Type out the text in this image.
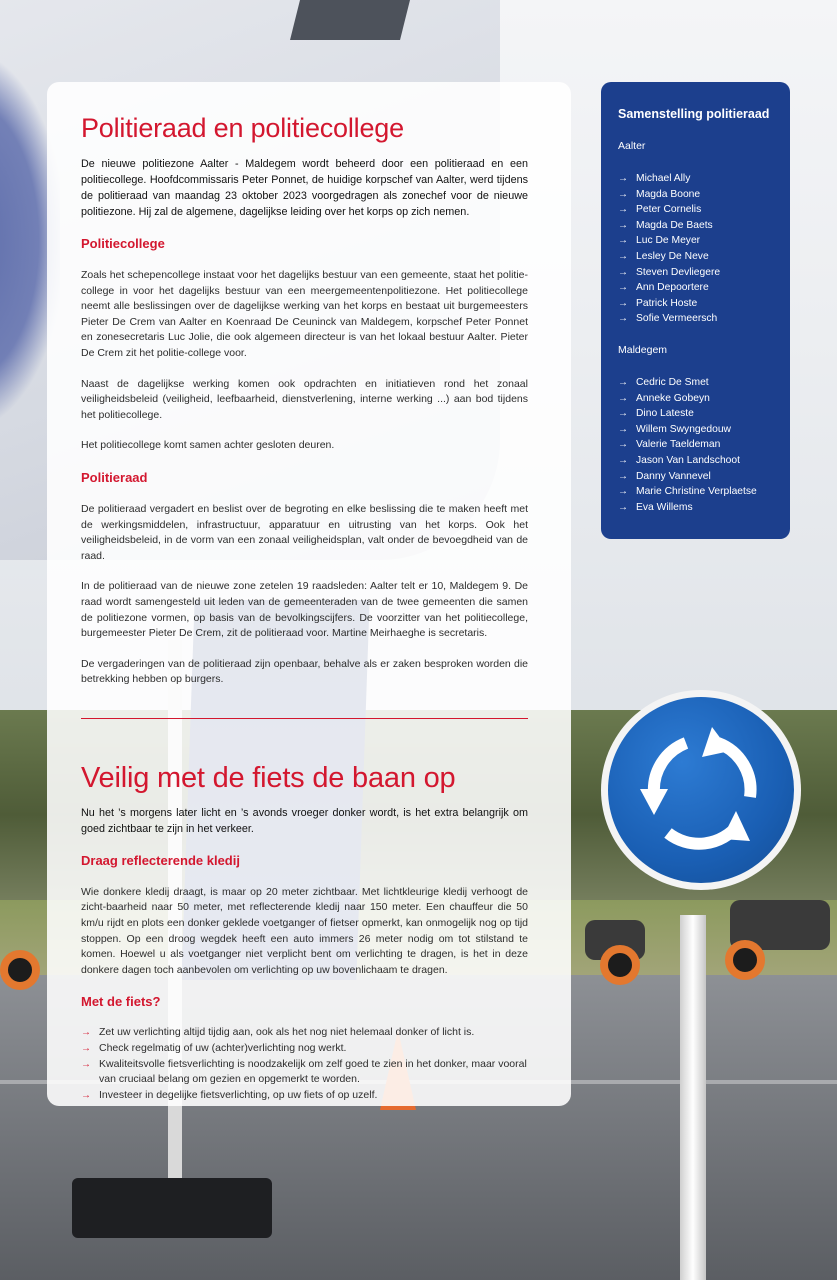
Politieraad en politiecollege

De nieuwe politiezone Aalter - Maldegem wordt beheerd door een politieraad en een politiecollege. Hoofdcommissaris Peter Ponnet, de huidige korpschef van Aalter, werd tijdens de politieraad van maandag 23 oktober 2023 voorgedragen als zonechef voor de nieuwe politiezone. Hij zal de algemene, dagelijkse leiding over het korps op zich nemen.

Politiecollege

Zoals het schepencollege instaat voor het dagelijks bestuur van een gemeente, staat het politie-college in voor het dagelijks bestuur van een meergemeentenpolitiezone. Het politiecollege neemt alle beslissingen over de dagelijkse werking van het korps en bestaat uit burgemeesters Pieter De Crem van Aalter en Koenraad De Ceuninck van Maldegem, korpschef Peter Ponnet en zonesecretaris Luc Jolie, die ook algemeen directeur is van het lokaal bestuur Aalter. Pieter De Crem zit het politie-college voor.

Naast de dagelijkse werking komen ook opdrachten en initiatieven rond het zonaal veiligheidsbeleid (veiligheid, leefbaarheid, dienstverlening, interne werking ...) aan bod tijdens het politiecollege.

Het politiecollege komt samen achter gesloten deuren.

Politieraad

De politieraad vergadert en beslist over de begroting en elke beslissing die te maken heeft met de werkingsmiddelen, infrastructuur, apparatuur en uitrusting van het korps. Ook het veiligheidsbeleid, in de vorm van een zonaal veiligheidsplan, valt onder de bevoegdheid van de raad.

In de politieraad van de nieuwe zone zetelen 19 raadsleden: Aalter telt er 10, Maldegem 9. De raad wordt samengesteld uit leden van de gemeenteraden van de twee gemeenten die samen de politiezone vormen, op basis van de bevolkingscijfers. De voorzitter van het politiecollege, burgemeester Pieter De Crem, zit de politieraad voor. Martine Meirhaeghe is secretaris.

De vergaderingen van de politieraad zijn openbaar, behalve als er zaken besproken worden die betrekking hebben op burgers.

Veilig met de fiets de baan op

Nu het ’s morgens later licht en ’s avonds vroeger donker wordt, is het extra belangrijk om goed zichtbaar te zijn in het verkeer.

Draag reflecterende kledij

Wie donkere kledij draagt, is maar op 20 meter zichtbaar. Met lichtkleurige kledij verhoogt de zicht-baarheid naar 50 meter, met reflecterende kledij naar 150 meter. Een chauffeur die 50 km/u rijdt en plots een donker geklede voetganger of fietser opmerkt, kan onmogelijk nog op tijd stoppen. Op een droog wegdek heeft een auto immers 26 meter nodig om tot stilstand te komen. Hoewel u als voetganger niet verplicht bent om verlichting te dragen, is het in deze donkere dagen toch aanbevolen om verlichting op uw bovenlichaam te dragen.

Met de fiets?
→ Zet uw verlichting altijd tijdig aan, ook als het nog niet helemaal donker of licht is.
→ Check regelmatig of uw (achter)verlichting nog werkt.
→ Kwaliteitsvolle fietsverlichting is noodzakelijk om zelf goed te zien in het donker, maar vooral van cruciaal belang om gezien en opgemerkt te worden.
→ Investeer in degelijke fietsverlichting, op uw fiets of op uzelf.
Samenstelling politieraad
Aalter
→ Michael Ally
→ Magda Boone
→ Peter Cornelis
→ Magda De Baets
→ Luc De Meyer
→ Lesley De Neve
→ Steven Devliegere
→ Ann Depoortere
→ Patrick Hoste
→ Sofie Vermeersch
Maldegem
→ Cedric De Smet
→ Anneke Gobeyn
→ Dino Lateste
→ Willem Swyngedouw
→ Valerie Taeldeman
→ Jason Van Landschoot
→ Danny Vannevel
→ Marie Christine Verplaetse
→ Eva Willems
